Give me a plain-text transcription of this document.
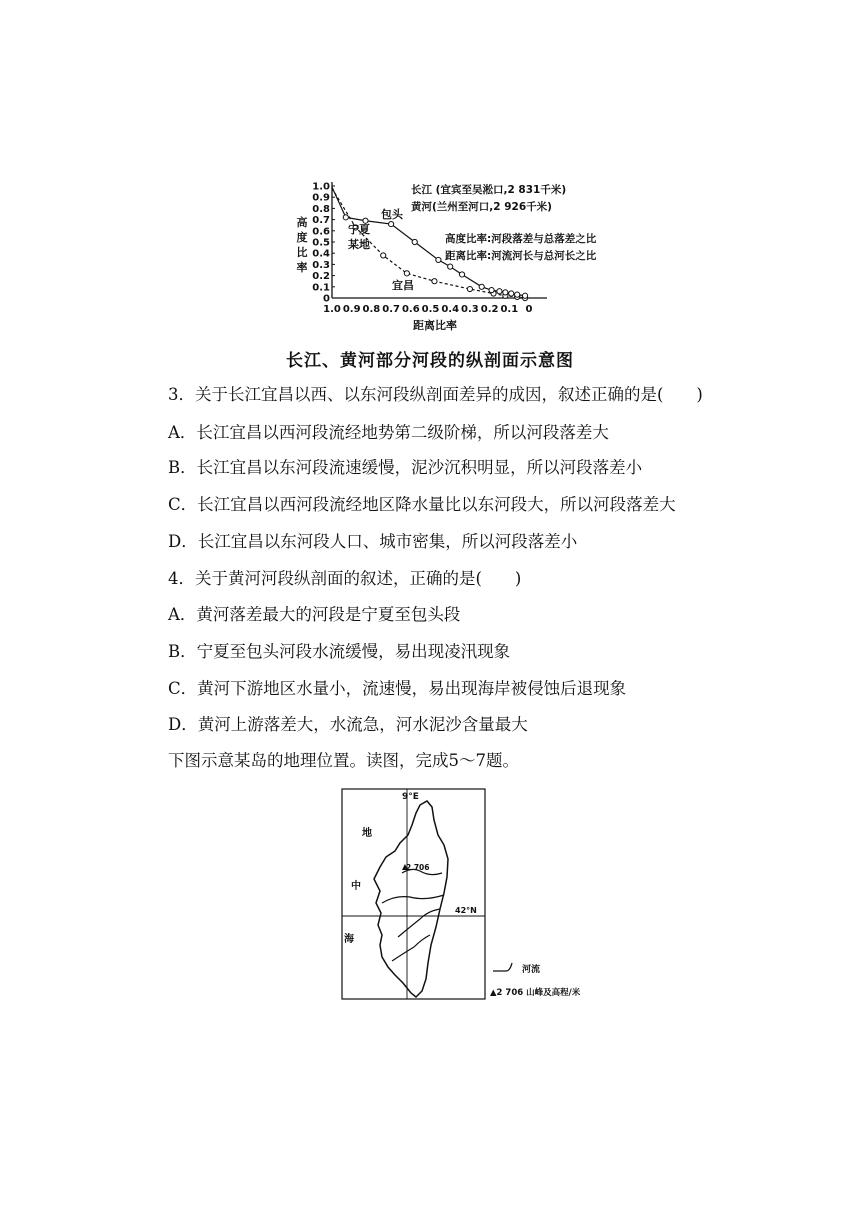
0
0.1
0.2
0.3
0.4
0.5
0.6
0.7
0.8
0.9
1.0
1.0 0.9 0.8 0.7 0.6 0.5 0.4 0.3 0.2 0.1 0
高
度
比
率
距离比率
宁夏
某地
包头
宜昌
长江 (宜宾至吴淞口,2 831千米)
黄河(兰州至河口,2 926千米)
高度比率:河段落差与总落差之比
距离比率:河流河长与总河长之比
长江、黄河部分河段的纵剖面示意图
3．关于长江宜昌以西、以东河段纵剖面差异的成因，叙述正确的是(　　)
A．长江宜昌以西河段流经地势第二级阶梯，所以河段落差大
B．长江宜昌以东河段流速缓慢，泥沙沉积明显，所以河段落差小
C．长江宜昌以西河段流经地区降水量比以东河段大，所以河段落差大
D．长江宜昌以东河段人口、城市密集，所以河段落差小
4．关于黄河河段纵剖面的叙述，正确的是(　　)
A．黄河落差最大的河段是宁夏至包头段
B．宁夏至包头河段水流缓慢，易出现凌汛现象
C．黄河下游地区水量小，流速慢，易出现海岸被侵蚀后退现象
D．黄河上游落差大，水流急，河水泥沙含量最大
下图示意某岛的地理位置。读图，完成5～7题。
9°E
42°N
地
中
海
2 706
河流
▲2 706 山峰及高程/米
